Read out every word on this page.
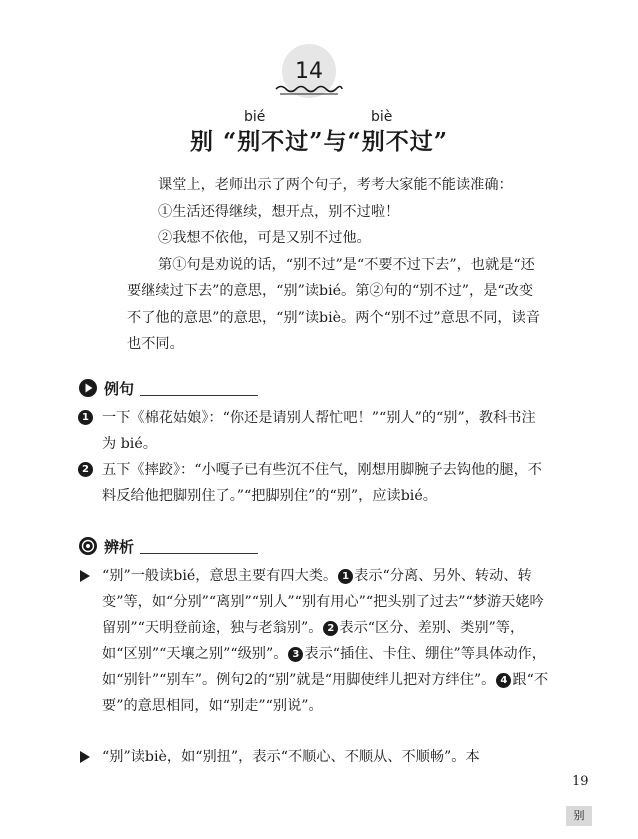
14
bié	biè
别 “别不过”与“别不过”

课堂上，老师出示了两个句子，考考大家能不能读准确：

①生活还得继续，想开点，别不过啦！

②我想不依他，可是又别不过他。

第①句是劝说的话，“别不过”是“不要不过下去”，也就是“还要继续过下去”的意思，“别”读bié。第②句的“别不过”，是“改变不了他的意思”的意思，“别”读biè。两个“别不过”意思不同，读音也不同。

例句
1 一下《棉花姑娘》：“你还是请别人帮忙吧！”“别人”的“别”，教科书注为 bié。
2 五下《摔跤》：“小嘎子已有些沉不住气，刚想用脚腕子去钩他的腿，不料反给他把脚别住了。”“把脚别住”的“别”，应读bié。
辨析
“别”一般读bié，意思主要有四大类。 1 表示“分离、另外、转动、转变”等，如“分别”“离别”“别人”“别有用心”“把头别了过去”“梦游天姥吟留别”“天明登前途，独与老翁别”。 2 表示“区分、差别、类别”等，如“区别”“天壤之别”“级别”。 3 表示“插住、卡住、绷住”等具体动作，如“别针”“别车”。例句2的“别”就是“用脚使绊儿把对方绊住”。 4 跟“不要”的意思相同，如“别走”“别说”。
“别”读biè，如“别扭”，表示“不顺心、不顺从、不顺畅”。本
19
别
